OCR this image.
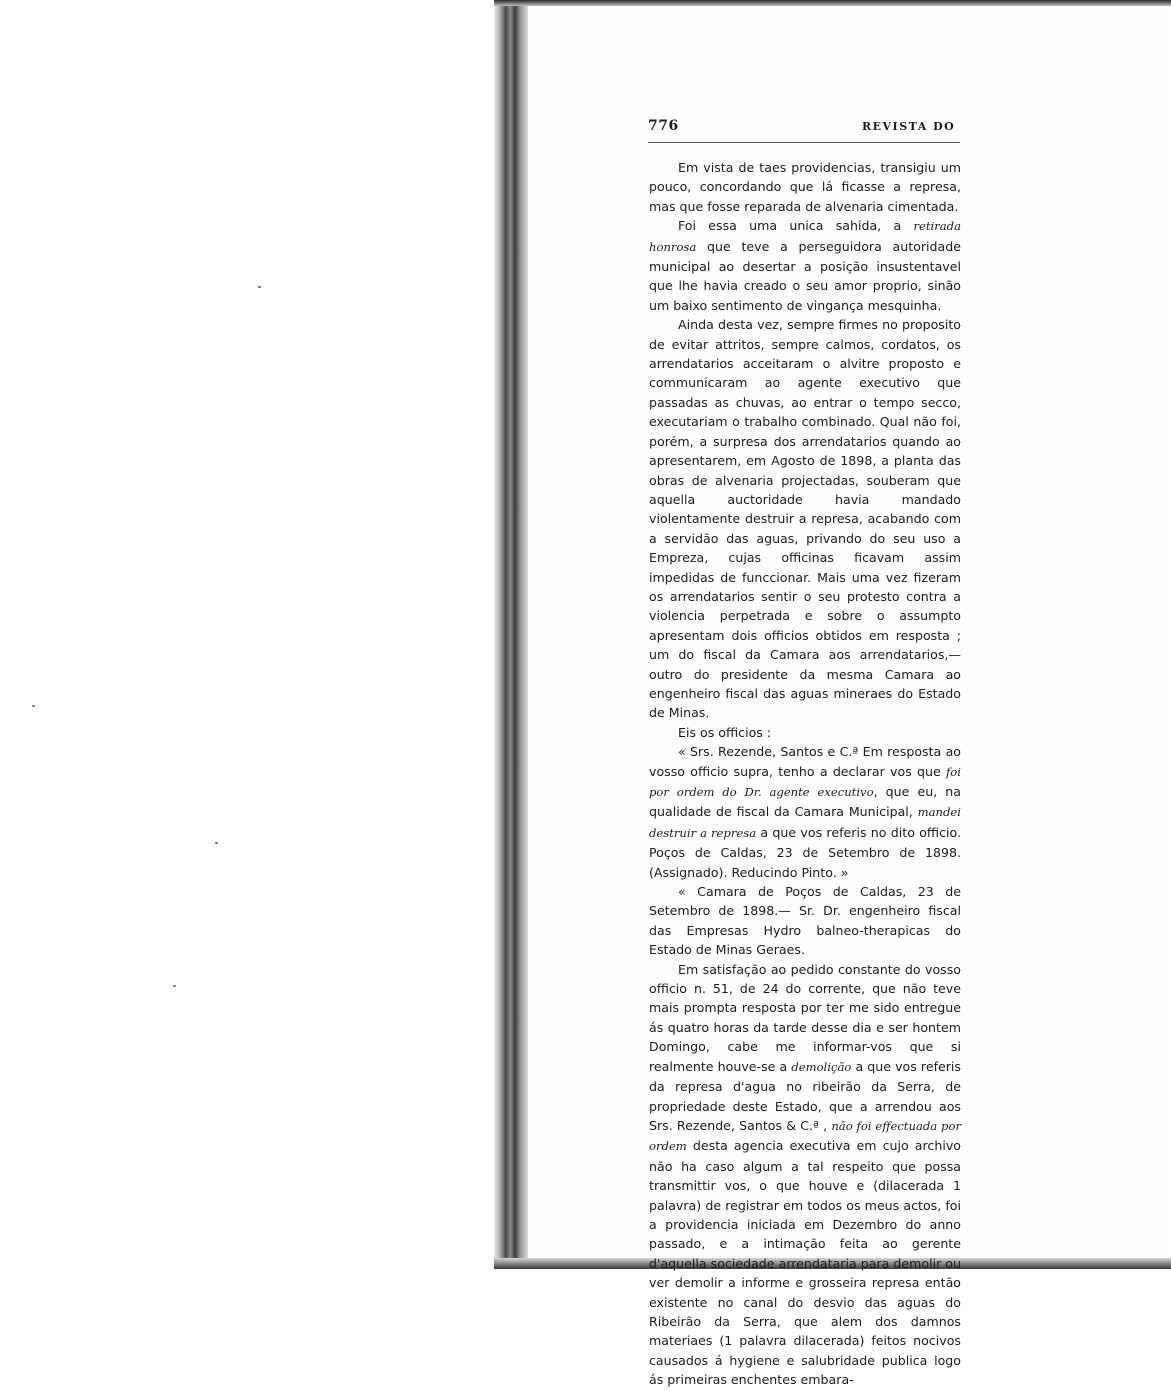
776	REVISTA DO

Em vista de taes providencias, transigiu um pouco, concordando que lá ficasse a represa, mas que fosse reparada de alvenaria cimentada.

Foi essa uma unica sahida, a retirada honrosa que teve a perseguidora autoridade municipal ao desertar a posição insustentavel que lhe havia creado o seu amor proprio, sinão um baixo sentimento de vingança mesquinha.

Ainda desta vez, sempre firmes no proposito de evitar attritos, sempre calmos, cordatos, os arrendatarios acceitaram o alvitre proposto e communicaram ao agente executivo que passadas as chuvas, ao entrar o tempo secco, executariam o trabalho combinado. Qual não foi, porém, a surpresa dos arrendatarios quando ao apresentarem, em Agosto de 1898, a planta das obras de alvenaria projectadas, souberam que aquella auctoridade havia mandado violentamente destruir a represa, acabando com a servidão das aguas, privando do seu uso a Empreza, cujas officinas ficavam assim impedidas de funccionar. Mais uma vez fizeram os arrendatarios sentir o seu protesto contra a violencia perpetrada e sobre o assumpto apresentam dois officios obtidos em resposta ; um do fiscal da Camara aos arrendatarios,— outro do presidente da mesma Camara ao engenheiro fiscal das aguas mineraes do Estado de Minas.

Eis os officios :

« Srs. Rezende, Santos e C.ª Em resposta ao vosso officio supra, tenho a declarar vos que foi por ordem do Dr. agente executivo, que eu, na qualidade de fiscal da Camara Municipal, mandei destruir a represa a que vos referis no dito officio. Poços de Caldas, 23 de Setembro de 1898. (Assignado). Reducindo Pinto. »

« Camara de Poços de Caldas, 23 de Setembro de 1898.— Sr. Dr. engenheiro fiscal das Empresas Hydro balneo-therapicas do Estado de Minas Geraes.

Em satisfação ao pedido constante do vosso officio n. 51, de 24 do corrente, que não teve mais prompta resposta por ter me sido entregue ás quatro horas da tarde desse dia e ser hontem Domingo, cabe me informar-vos que si realmente houve-se a demolição a que vos referis da represa d'agua no ribeirão da Serra, de propriedade deste Estado, que a arrendou aos Srs. Rezende, Santos & C.ª , não foi effectuada por ordem desta agencia executiva em cujo archivo não ha caso algum a tal respeito que possa transmittir vos, o que houve e (dilacerada 1 palavra) de registrar em todos os meus actos, foi a providencia iniciada em Dezembro do anno passado, e a intimação feita ao gerente d'aquella sociedade arrendataria para demolir ou ver demolir a informe e grosseira represa então existente no canal do desvio das aguas do Ribeirão da Serra, que alem dos damnos materiaes (1 palavra dilacerada) feitos nocivos causados á hygiene e salubridade publica logo ás primeiras enchentes embara-
